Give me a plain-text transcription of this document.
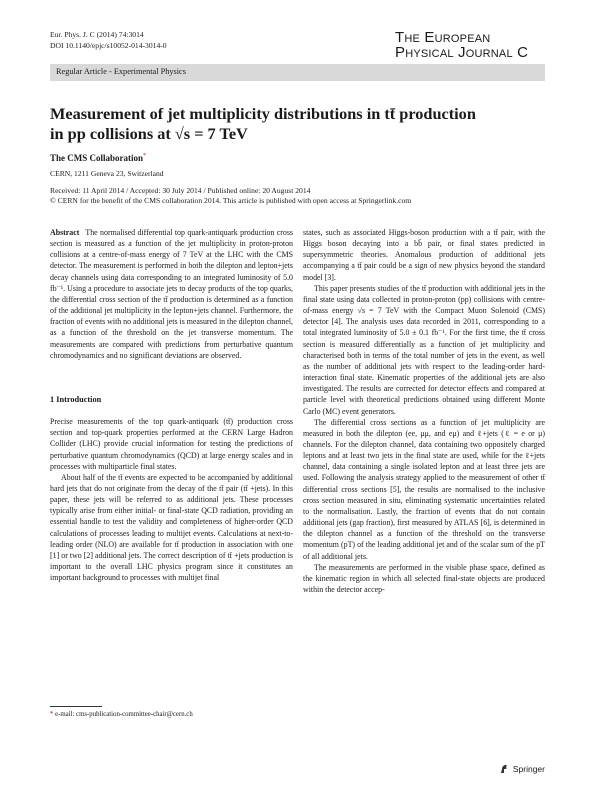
Eur. Phys. J. C (2014) 74:3014
DOI 10.1140/epjc/s10052-014-3014-0	The European
Physical Journal C
Regular Article - Experimental Physics
Measurement of jet multiplicity distributions in tt̄ production
in pp collisions at √s = 7 TeV
The CMS Collaboration*
CERN, 1211 Geneva 23, Switzerland
Received: 11 April 2014 / Accepted: 30 July 2014 / Published online: 20 August 2014
© CERN for the benefit of the CMS collaboration 2014. This article is published with open access at Springerlink.com

Abstract The normalised differential top quark-antiquark production cross section is measured as a function of the jet multiplicity in proton-proton collisions at a centre-of-mass energy of 7 TeV at the LHC with the CMS detector. The measurement is performed in both the dilepton and lepton+jets decay channels using data corresponding to an integrated luminosity of 5.0 fb⁻¹. Using a procedure to associate jets to decay products of the top quarks, the differential cross section of the tt̄ production is determined as a function of the additional jet multiplicity in the lepton+jets channel. Furthermore, the fraction of events with no additional jets is measured in the dilepton channel, as a function of the threshold on the jet transverse momentum. The measurements are compared with predictions from perturbative quantum chromodynamics and no significant deviations are observed.

1 Introduction

Precise measurements of the top quark-antiquark (tt̄) production cross section and top-quark properties performed at the CERN Large Hadron Collider (LHC) provide crucial information for testing the predictions of perturbative quantum chromodynamics (QCD) at large energy scales and in processes with multiparticle final states.

About half of the tt̄ events are expected to be accompanied by additional hard jets that do not originate from the decay of the tt̄ pair (tt̄ +jets). In this paper, these jets will be referred to as additional jets. These processes typically arise from either initial- or final-state QCD radiation, providing an essential handle to test the validity and completeness of higher-order QCD calculations of processes leading to multijet events. Calculations at next-to-leading order (NLO) are available for tt̄ production in association with one [1] or two [2] additional jets. The correct description of tt̄ +jets production is important to the overall LHC physics program since it constitutes an important background to processes with multijet final

states, such as associated Higgs-boson production with a tt̄ pair, with the Higgs boson decaying into a bb̄ pair, or final states predicted in supersymmetric theories. Anomalous production of additional jets accompanying a tt̄ pair could be a sign of new physics beyond the standard model [3].

This paper presents studies of the tt̄ production with additional jets in the final state using data collected in proton-proton (pp) collisions with centre-of-mass energy √s = 7 TeV with the Compact Muon Solenoid (CMS) detector [4]. The analysis uses data recorded in 2011, corresponding to a total integrated luminosity of 5.0 ± 0.1 fb⁻¹. For the first time, the tt̄ cross section is measured differentially as a function of jet multiplicity and characterised both in terms of the total number of jets in the event, as well as the number of additional jets with respect to the leading-order hard-interaction final state. Kinematic properties of the additional jets are also investigated. The results are corrected for detector effects and compared at particle level with theoretical predictions obtained using different Monte Carlo (MC) event generators.

The differential cross sections as a function of jet multiplicity are measured in both the dilepton (ee, μμ, and eμ) and ℓ+jets (ℓ = e or μ) channels. For the dilepton channel, data containing two oppositely charged leptons and at least two jets in the final state are used, while for the ℓ+jets channel, data containing a single isolated lepton and at least three jets are used. Following the analysis strategy applied to the measurement of other tt̄ differential cross sections [5], the results are normalised to the inclusive cross section measured in situ, eliminating systematic uncertainties related to the normalisation. Lastly, the fraction of events that do not contain additional jets (gap fraction), first measured by ATLAS [6], is determined in the dilepton channel as a function of the threshold on the transverse momentum (pT) of the leading additional jet and of the scalar sum of the pT of all additional jets.

The measurements are performed in the visible phase space, defined as the kinematic region in which all selected final-state objects are produced within the detector accep-

* e-mail: cms-publication-committee-chair@cern.ch
Springer
